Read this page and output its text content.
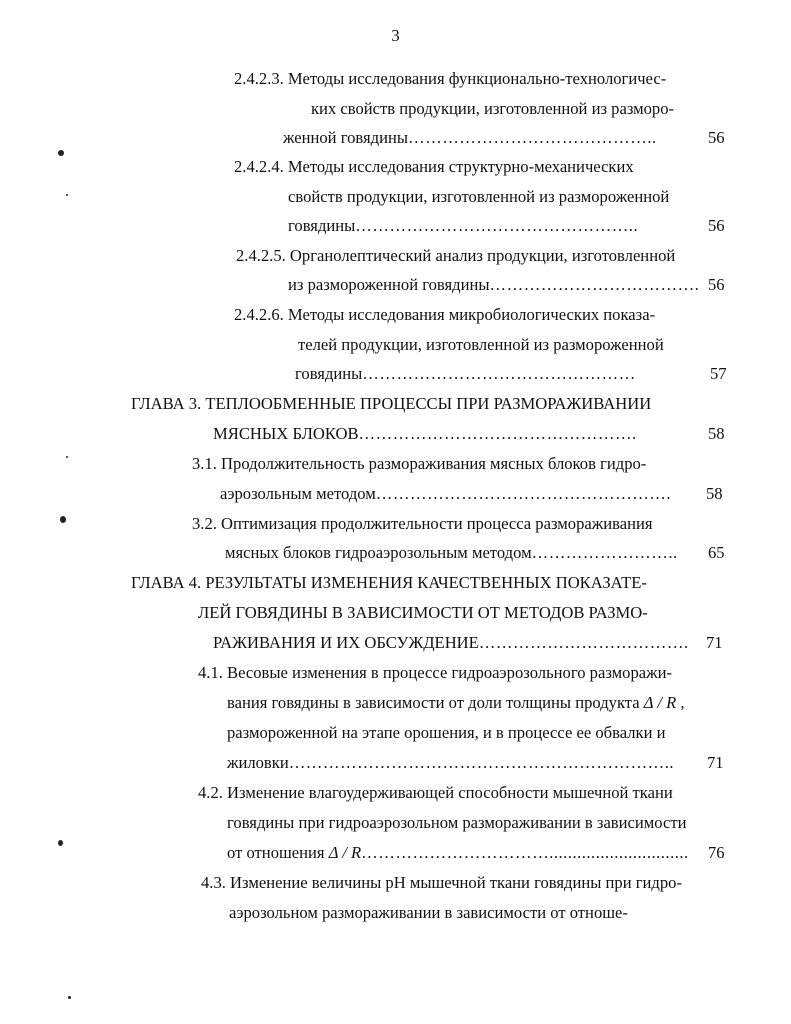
3
2.4.2.3. Методы исследования функционально-технологичес-
ких свойств продукции, изготовленной из разморо-
женной говядины……………………………………..	56
2.4.2.4. Методы исследования структурно-механических
свойств продукции, изготовленной из размороженной
говядины…………………………………………..	56
2.4.2.5. Органолептический анализ продукции, изготовленной
из размороженной говядины………………………………. 56
2.4.2.6. Методы исследования микробиологических показа-
телей продукции, изготовленной из размороженной
говядины…………………………………………	57
ГЛАВА 3. ТЕПЛООБМЕННЫЕ ПРОЦЕССЫ ПРИ РАЗМОРАЖИВАНИИ
МЯСНЫХ БЛОКОВ………………………………………….	58
3.1. Продолжительность размораживания мясных блоков гидро-
аэрозольным методом……………………………………………. 58
3.2. Оптимизация продолжительности процесса размораживания
мясных блоков гидроаэрозольным методом…………………….. 65
ГЛАВА 4. РЕЗУЛЬТАТЫ ИЗМЕНЕНИЯ КАЧЕСТВЕННЫХ ПОКАЗАТЕ-
ЛЕЙ ГОВЯДИНЫ В ЗАВИСИМОСТИ ОТ МЕТОДОВ РАЗМО-
РАЖИВАНИЯ И ИХ ОБСУЖДЕНИЕ………………………………. 71
4.1. Весовые изменения в процессе гидроаэрозольного разморажи-
вания говядины в зависимости от доли толщины продукта Δ / R ,
размороженной на этапе орошения, и в процессе ее обвалки и
жиловки………………………………………………………….. 71
4.2. Изменение влагоудерживающей способности мышечной ткани
говядины при гидроаэрозольном размораживании в зависимости
от отношения Δ / R…………………………….............................. 76
4.3. Изменение величины pH мышечной ткани говядины при гидро-
аэрозольном размораживании в зависимости от отноше-
